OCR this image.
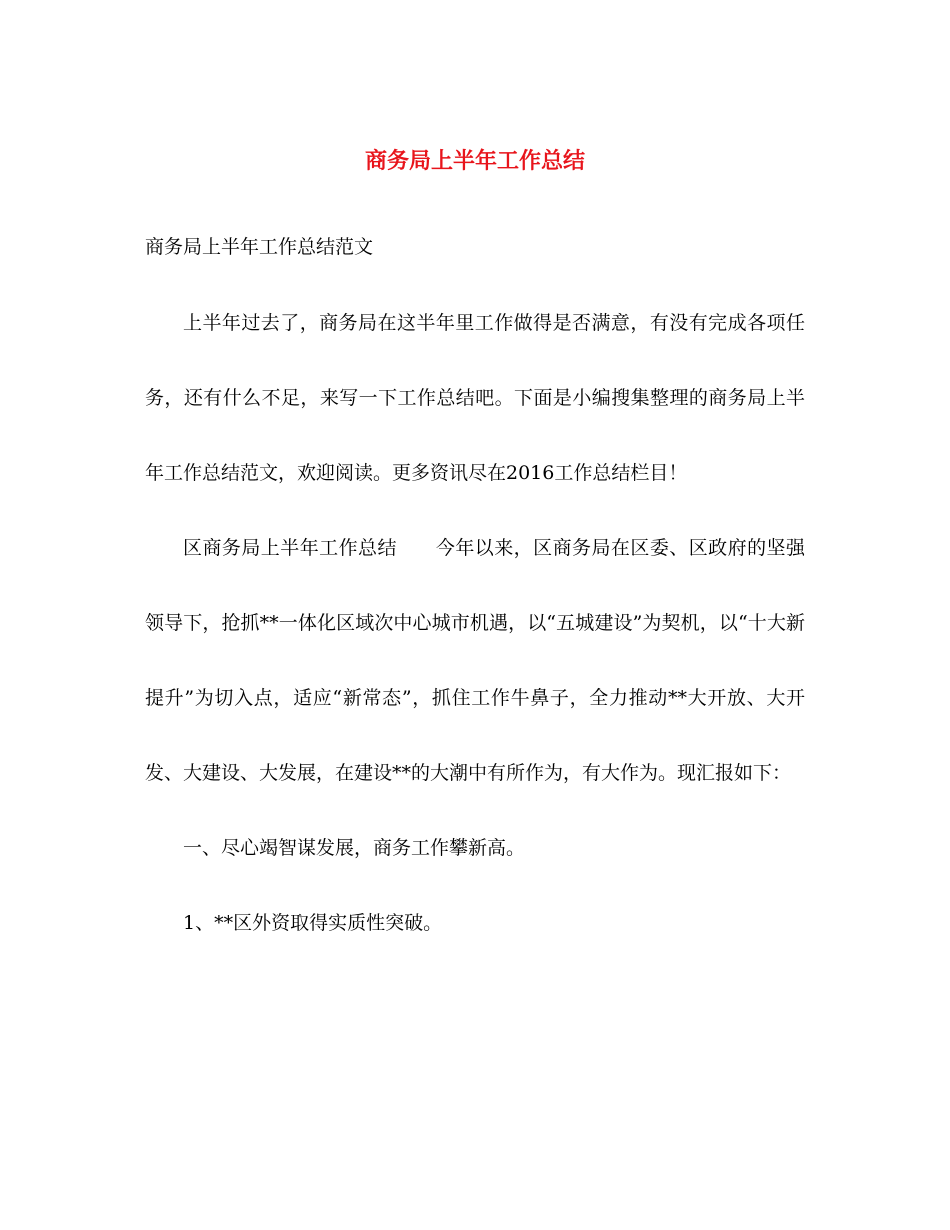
商务局上半年工作总结

商务局上半年工作总结范文

上半年过去了，商务局在这半年里工作做得是否满意，有没有完成各项任务，还有什么不足，来写一下工作总结吧。下面是小编搜集整理的商务局上半年工作总结范文，欢迎阅读。更多资讯尽在2016工作总结栏目！

区商务局上半年工作总结　　今年以来，区商务局在区委、区政府的坚强领导下，抢抓**一体化区域次中心城市机遇，以“五城建设”为契机，以“十大新提升”为切入点，适应“新常态”，抓住工作牛鼻子，全力推动**大开放、大开发、大建设、大发展，在建设**的大潮中有所作为，有大作为。现汇报如下：

一、尽心竭智谋发展，商务工作攀新高。

1、**区外资取得实质性突破。
